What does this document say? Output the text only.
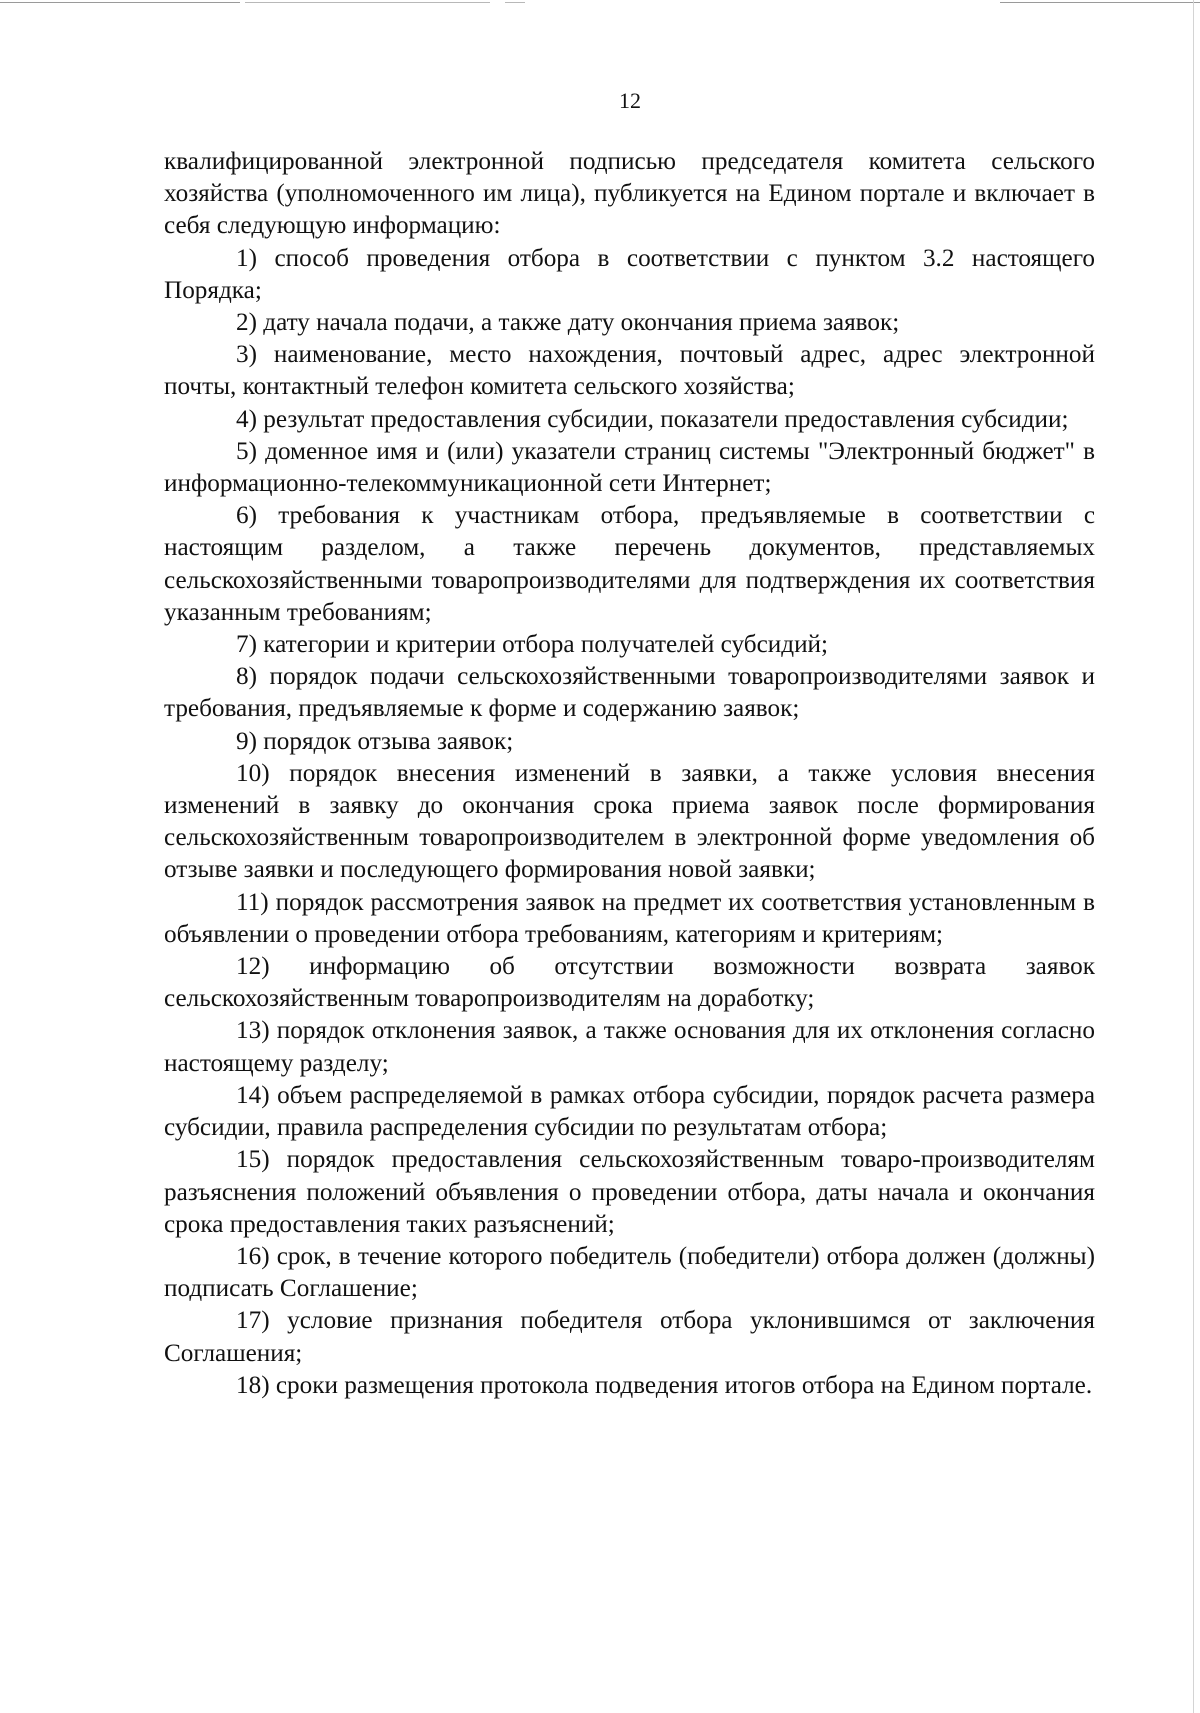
12

квалифицированной электронной подписью председателя комитета сельского хозяйства (уполномоченного им лица), публикуется на Едином портале и включает в себя следующую информацию:

1) способ проведения отбора в соответствии с пунктом 3.2 настоящего Порядка;

2) дату начала подачи, а также дату окончания приема заявок;

3) наименование, место нахождения, почтовый адрес, адрес электронной почты, контактный телефон комитета сельского хозяйства;

4) результат предоставления субсидии, показатели предоставления субсидии;

5) доменное имя и (или) указатели страниц системы "Электронный бюджет" в информационно-телекоммуникационной сети Интернет;

6) требования к участникам отбора, предъявляемые в соответствии с настоящим разделом, а также перечень документов, представляемых сельскохозяйственными товаропроизводителями для подтверждения их соответствия указанным требованиям;

7) категории и критерии отбора получателей субсидий;

8) порядок подачи сельскохозяйственными товаропроизводителями заявок и требования, предъявляемые к форме и содержанию заявок;

9) порядок отзыва заявок;

10) порядок внесения изменений в заявки, а также условия внесения изменений в заявку до окончания срока приема заявок после формирования сельскохозяйственным товаропроизводителем в электронной форме уведомления об отзыве заявки и последующего формирования новой заявки;

11) порядок рассмотрения заявок на предмет их соответствия установленным в объявлении о проведении отбора требованиям, категориям и критериям;

12) информацию об отсутствии возможности возврата заявок сельскохозяйственным товаропроизводителям на доработку;

13) порядок отклонения заявок, а также основания для их отклонения согласно настоящему разделу;

14) объем распределяемой в рамках отбора субсидии, порядок расчета размера субсидии, правила распределения субсидии по результатам отбора;

15) порядок предоставления сельскохозяйственным товаро-производителям разъяснения положений объявления о проведении отбора, даты начала и окончания срока предоставления таких разъяснений;

16) срок, в течение которого победитель (победители) отбора должен (должны) подписать Соглашение;

17) условие признания победителя отбора уклонившимся от заключения Соглашения;

18) сроки размещения протокола подведения итогов отбора на Едином портале.
